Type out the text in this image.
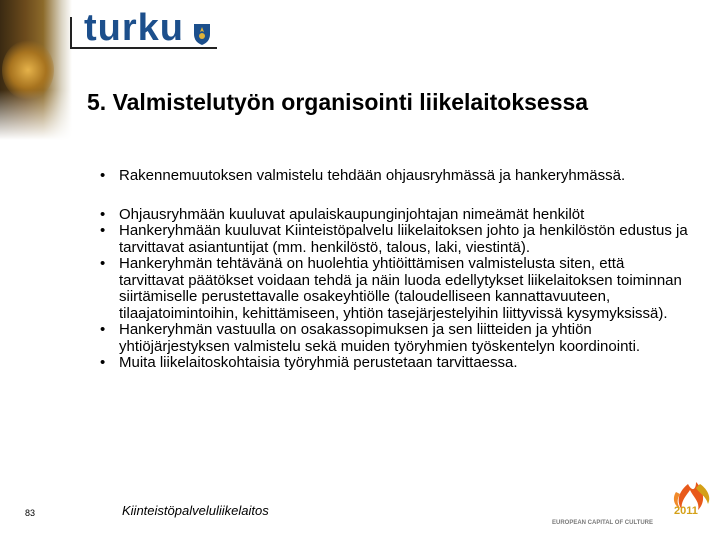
turku
5. Valmistelutyön organisointi liikelaitoksessa
• Rakennemuutoksen valmistelu tehdään ohjausryhmässä ja hankeryhmässä.
• Ohjausryhmään kuuluvat apulaiskaupunginjohtajan nimeämät henkilöt
• Hankeryhmään kuuluvat Kiinteistöpalvelu liikelaitoksen johto ja henkilöstön edustus ja tarvittavat asiantuntijat (mm. henkilöstö, talous, laki, viestintä).
• Hankeryhmän tehtävänä on huolehtia yhtiöittämisen valmistelusta siten, että tarvittavat päätökset voidaan tehdä ja näin luoda edellytykset liikelaitoksen toiminnan siirtämiselle perustettavalle osakeyhtiölle (taloudelliseen kannattavuuteen, tilaajatoimintoihin, kehittämiseen, yhtiön tasejärjestelyihin liittyvissä kysymyksissä).
• Hankeryhmän vastuulla on osakassopimuksen ja sen liitteiden ja yhtiön yhtiöjärjestyksen valmistelu sekä muiden työryhmien työskentelyn koordinointi.
• Muita liikelaitoskohtaisia työryhmiä perustetaan tarvittaessa.
83	Kiinteistöpalveluliikelaitos	2011
EUROPEAN CAPITAL OF CULTURE
